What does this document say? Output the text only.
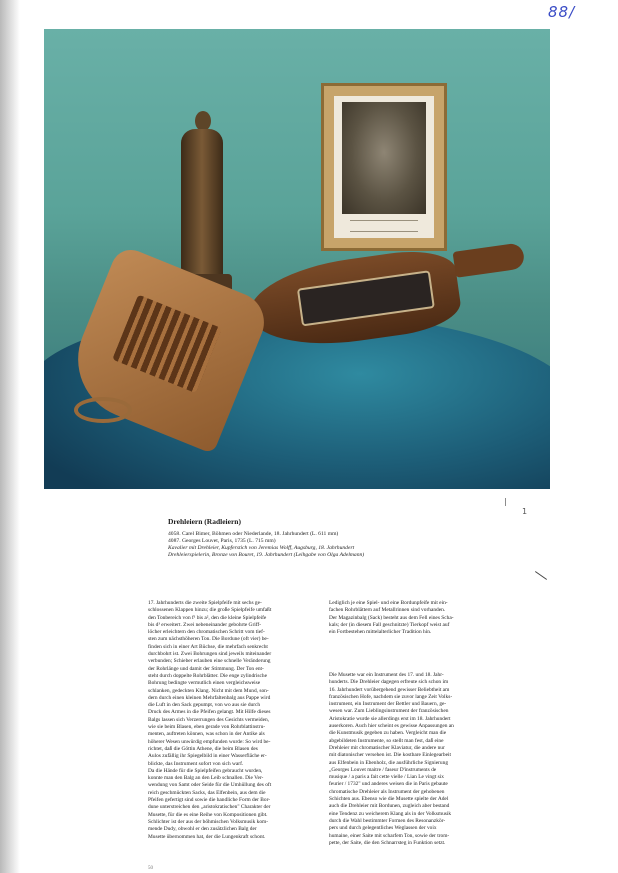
88/
|
1
Drehleiern (Radleiern)
4058. Carel Bimer, Böhmen oder Niederlande, 18. Jahrhundert (L. 611 mm)
4087. Georges Louvet, Paris, 1735 (L. 715 mm)
Kavalier mit Drehleier, Kupferstich von Jeremias Wolff, Augsburg, 18. Jahrhundert
Drehleierspielerin, Bronze von Bouret, 19. Jahrhundert (Leihgabe von Olga Adelmann)
17. Jahrhunderts die zweite Spielpfeife mit sechs ge-
schlossenen Klappen hinzu; die große Spielpfeife umfaßt
den Tonbereich von f¹ bis a², den die kleine Spielpfeife
bis d³ erweitert. Zwei nebeneinander gebohrte Griff-
löcher erleichtern den chromatischen Schritt vom tief-
sten zum nächsthöheren Ton. Die Bordune (oft vier) be-
finden sich in einer Art Büchse, die mehrfach senkrecht
durchbohrt ist. Zwei Bohrungen sind jeweils miteinander
verbunden; Schieber erlauben eine schnelle Veränderung
der Rohrlänge und damit der Stimmung. Der Ton ent-
steht durch doppelte Rohrblätter. Die enge zylindrische
Bohrung bedingte vermutlich einen vergleichsweise
schlanken, gedeckten Klang. Nicht mit dem Mund, son-
dern durch einen kleinen Mehrfaltenbalg aus Pappe wird
die Luft in den Sack gepumpt, von wo aus sie durch
Druck des Armes in die Pfeifen gelangt. Mit Hilfe dieses
Balgs lassen sich Verzerrungen des Gesichts vermeiden,
wie sie beim Blasen, eben gerade von Rohrblattinstru-
menten, auftreten können, was schon in der Antike als
höherer Wesen unwürdig empfunden wurde: So wird be-
richtet, daß die Göttin Athene, die beim Blasen des
Aulos zufällig ihr Spiegelbild in einer Wasserfläche er-
blickte, das Instrument sofort von sich warf.
Da die Hände für die Spielpfeifen gebraucht wurden,
konnte man den Balg an den Leib schnallen. Die Ver-
wendung von Samt oder Seide für die Umhüllung des oft
reich geschmückten Sacks, das Elfenbein, aus dem die
Pfeifen gefertigt sind sowie die handliche Form der Bor-
dune unterstreichen den „aristokratischen" Charakter der
Musette, für die es eine Reihe von Kompositionen gibt.
Schlichter ist der aus der böhmischen Volksmusik kom-
mende Dudy, obwohl er den zusätzlichen Balg der
Musette übernommen hat, der die Lungenkraft schont.
Lediglich je eine Spiel- und eine Bordunpfeife mit ein-
fachen Rohrblättern auf Metallrinnen sind vorhanden.
Der Magazinbalg (Sack) besteht aus dem Fell eines Scha-
kals; der (in diesem Fall geschnitzte) Tierkopf weist auf
ein Fortbestehen mittelalterlicher Tradition hin.
Die Musette war ein Instrument des 17. und 18. Jahr-
hunderts. Die Drehleier dagegen erfreute sich schon im
16. Jahrhundert vorübergehend gewisser Beliebtheit am
französischen Hofe, nachdem sie zuvor lange Zeit Volks-
instrument, ein Instrument der Bettler und Bauern, ge-
wesen war. Zum Lieblingsinstrument der französischen
Aristokratie wurde sie allerdings erst im 18. Jahrhundert
auserkoren. Auch hier scheint es gewisse Anpassungen an
die Kunstmusik gegeben zu haben. Vergleicht man die
abgebildeten Instrumente, so stellt man fest, daß eine
Drehleier mit chromatischer Klaviatur, die andere nur
mit diatonischer versehen ist. Die kostbare Einlegearbeit
aus Elfenbein in Ebenholz, die ausführliche Signierung
„Georges Louvet maitre / faseur D'instruments de
musique / a paris a fait cette vielle / Lian Le vingt six
feurier / 1732" und anderes weisen die in Paris gebaute
chromatische Drehleier als Instrument der gehobenen
Schichten aus. Ebenso wie die Musette spielte der Adel
auch die Drehleier mit Bordunen, zugleich aber bestand
eine Tendenz zu weicherem Klang als in der Volksmusik
durch die Wahl bestimmter Formen des Resonanzkör-
pers und durch gelegentliches Weglassen der voix
humaine, einer Saite mit scharfem Ton, sowie der trom-
pette, der Saite, die den Schnarrsteg in Funktion setzt.
50
